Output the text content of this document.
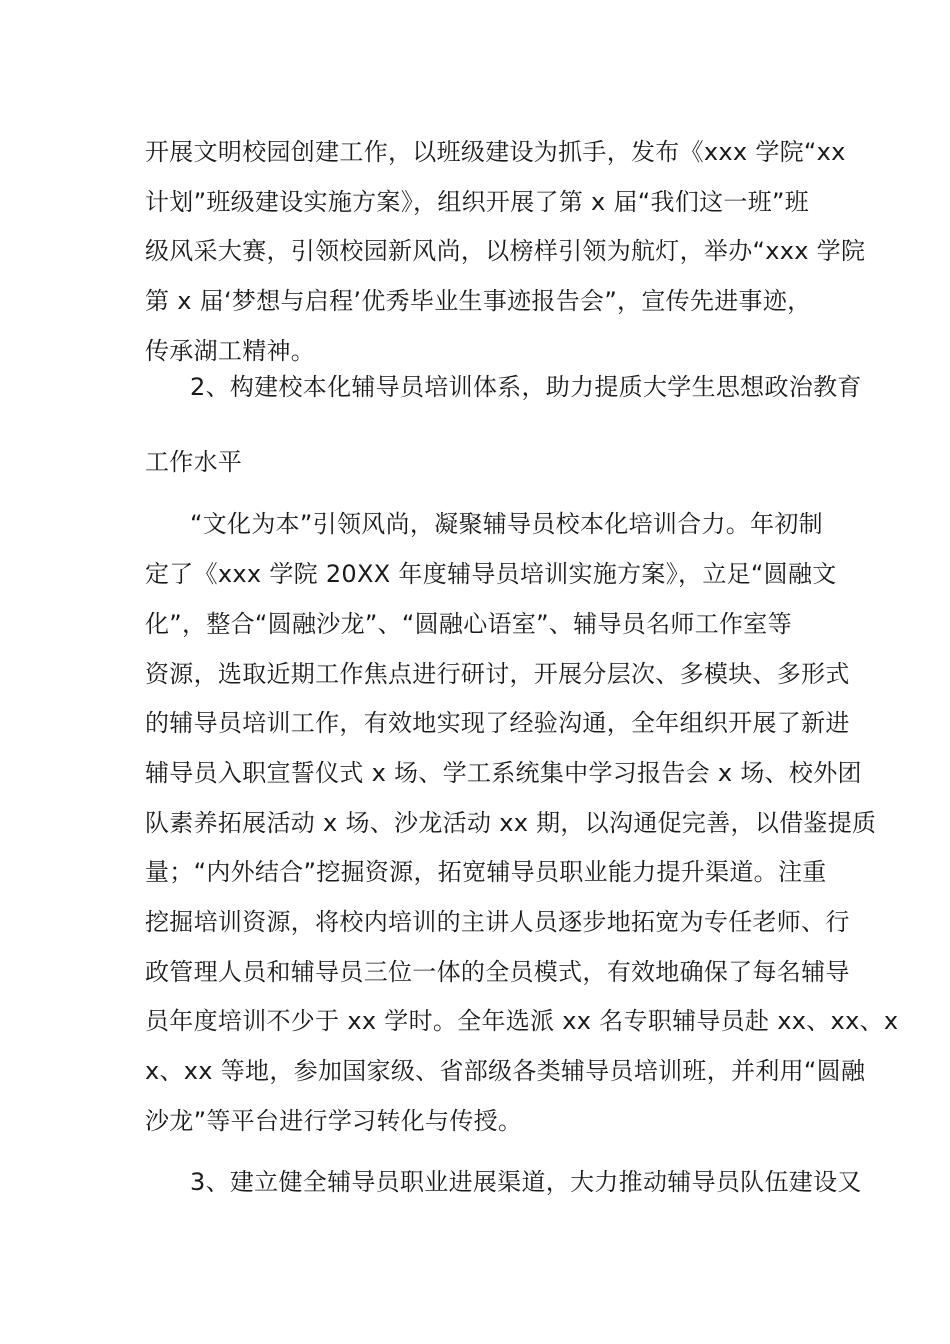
开展文明校园创建工作，以班级建设为抓手，发布《xxx 学院“xx
计划”班级建设实施方案》，组织开展了第 x 届“我们这一班”班
级风采大赛，引领校园新风尚，以榜样引领为航灯，举办“xxx 学院
第 x 届‘梦想与启程’优秀毕业生事迹报告会”，宣传先进事迹，
传承湖工精神。
2、构建校本化辅导员培训体系，助力提质大学生思想政治教育
工作水平
“文化为本”引领风尚，凝聚辅导员校本化培训合力。年初制
定了《xxx 学院 20XX 年度辅导员培训实施方案》，立足“圆融文
化”，整合“圆融沙龙”、“圆融心语室”、辅导员名师工作室等
资源，选取近期工作焦点进行研讨，开展分层次、多模块、多形式
的辅导员培训工作，有效地实现了经验沟通，全年组织开展了新进
辅导员入职宣誓仪式 x 场、学工系统集中学习报告会 x 场、校外团
队素养拓展活动 x 场、沙龙活动 xx 期，以沟通促完善，以借鉴提质
量；“内外结合”挖掘资源，拓宽辅导员职业能力提升渠道。注重
挖掘培训资源，将校内培训的主讲人员逐步地拓宽为专任老师、行
政管理人员和辅导员三位一体的全员模式，有效地确保了每名辅导
员年度培训不少于 xx 学时。全年选派 xx 名专职辅导员赴 xx、xx、x
x、xx 等地，参加国家级、省部级各类辅导员培训班，并利用“圆融
沙龙”等平台进行学习转化与传授。
3、建立健全辅导员职业进展渠道，大力推动辅导员队伍建设又
